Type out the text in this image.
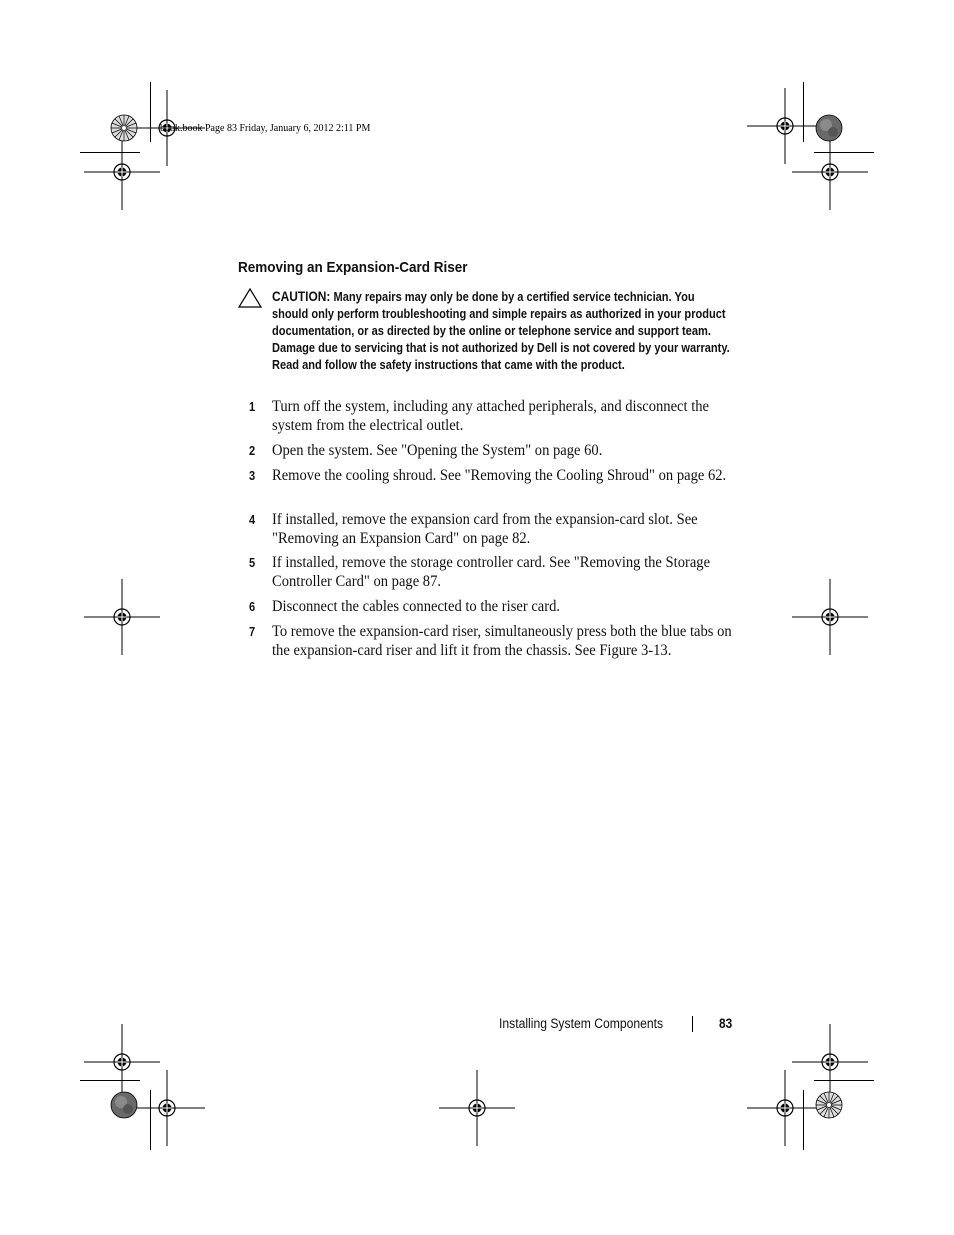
book.book Page 83 Friday, January 6, 2012 2:11 PM
Removing an Expansion-Card Riser
CAUTION: Many repairs may only be done by a certified service technician. You should only perform troubleshooting and simple repairs as authorized in your product documentation, or as directed by the online or telephone service and support team. Damage due to servicing that is not authorized by Dell is not covered by your warranty. Read and follow the safety instructions that came with the product.
1 Turn off the system, including any attached peripherals, and disconnect the system from the electrical outlet.
2 Open the system. See "Opening the System" on page 60.
3 Remove the cooling shroud. See "Removing the Cooling Shroud" on page 62.
4 If installed, remove the expansion card from the expansion-card slot. See "Removing an Expansion Card" on page 82.
5 If installed, remove the storage controller card. See "Removing the Storage Controller Card" on page 87.
6 Disconnect the cables connected to the riser card.
7 To remove the expansion-card riser, simultaneously press both the blue tabs on the expansion-card riser and lift it from the chassis. See Figure 3-13.
Installing System Components	83
